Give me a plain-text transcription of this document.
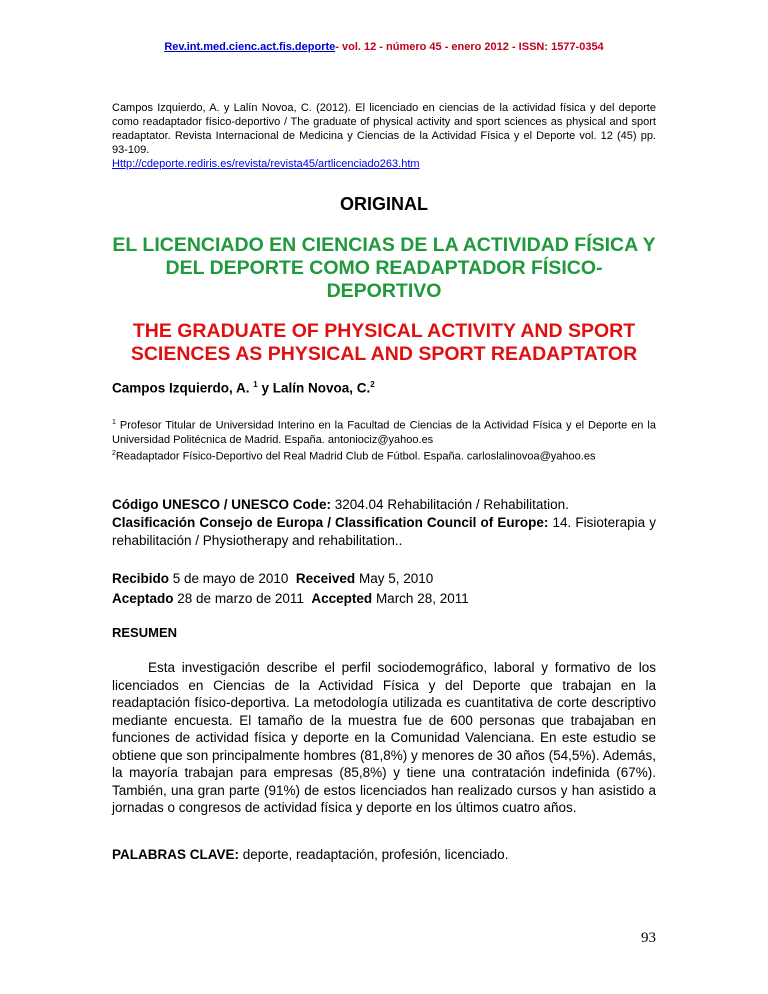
Rev.int.med.cienc.act.fis.deporte- vol. 12 - número 45 - enero 2012 - ISSN: 1577-0354
Campos Izquierdo, A. y Lalín Novoa, C. (2012). El licenciado en ciencias de la actividad física y del deporte como readaptador físico-deportivo / The graduate of physical activity and sport sciences as physical and sport readaptator. Revista Internacional de Medicina y Ciencias de la Actividad Física y el Deporte vol. 12 (45) pp. 93-109.
Http://cdeporte.rediris.es/revista/revista45/artlicenciado263.htm
ORIGINAL
EL LICENCIADO EN CIENCIAS DE LA ACTIVIDAD FÍSICA Y DEL DEPORTE COMO READAPTADOR FÍSICO-DEPORTIVO
THE GRADUATE OF PHYSICAL ACTIVITY AND SPORT SCIENCES AS PHYSICAL AND SPORT READAPTATOR
Campos Izquierdo, A. $^1$ y Lalín Novoa, C.$^2$
$^1$ Profesor Titular de Universidad Interino en la Facultad de Ciencias de la Actividad Física y el Deporte en la Universidad Politécnica de Madrid. España. antoniociz@yahoo.es
$^2$Readaptador Físico-Deportivo del Real Madrid Club de Fútbol. España. carloslalinovoa@yahoo.es
Código UNESCO / UNESCO Code: 3204.04 Rehabilitación / Rehabilitation.
Clasificación Consejo de Europa / Classification Council of Europe: 14. Fisioterapia y rehabilitación / Physiotherapy and rehabilitation..
Recibido 5 de mayo de 2010 Received May 5, 2010
Aceptado 28 de marzo de 2011 Accepted March 28, 2011
RESUMEN
Esta investigación describe el perfil sociodemográfico, laboral y formativo de los licenciados en Ciencias de la Actividad Física y del Deporte que trabajan en la readaptación físico-deportiva. La metodología utilizada es cuantitativa de corte descriptivo mediante encuesta. El tamaño de la muestra fue de 600 personas que trabajaban en funciones de actividad física y deporte en la Comunidad Valenciana. En este estudio se obtiene que son principalmente hombres (81,8%) y menores de 30 años (54,5%). Además, la mayoría trabajan para empresas (85,8%) y tiene una contratación indefinida (67%). También, una gran parte (91%) de estos licenciados han realizado cursos y han asistido a jornadas o congresos de actividad física y deporte en los últimos cuatro años.
PALABRAS CLAVE: deporte, readaptación, profesión, licenciado.
93
